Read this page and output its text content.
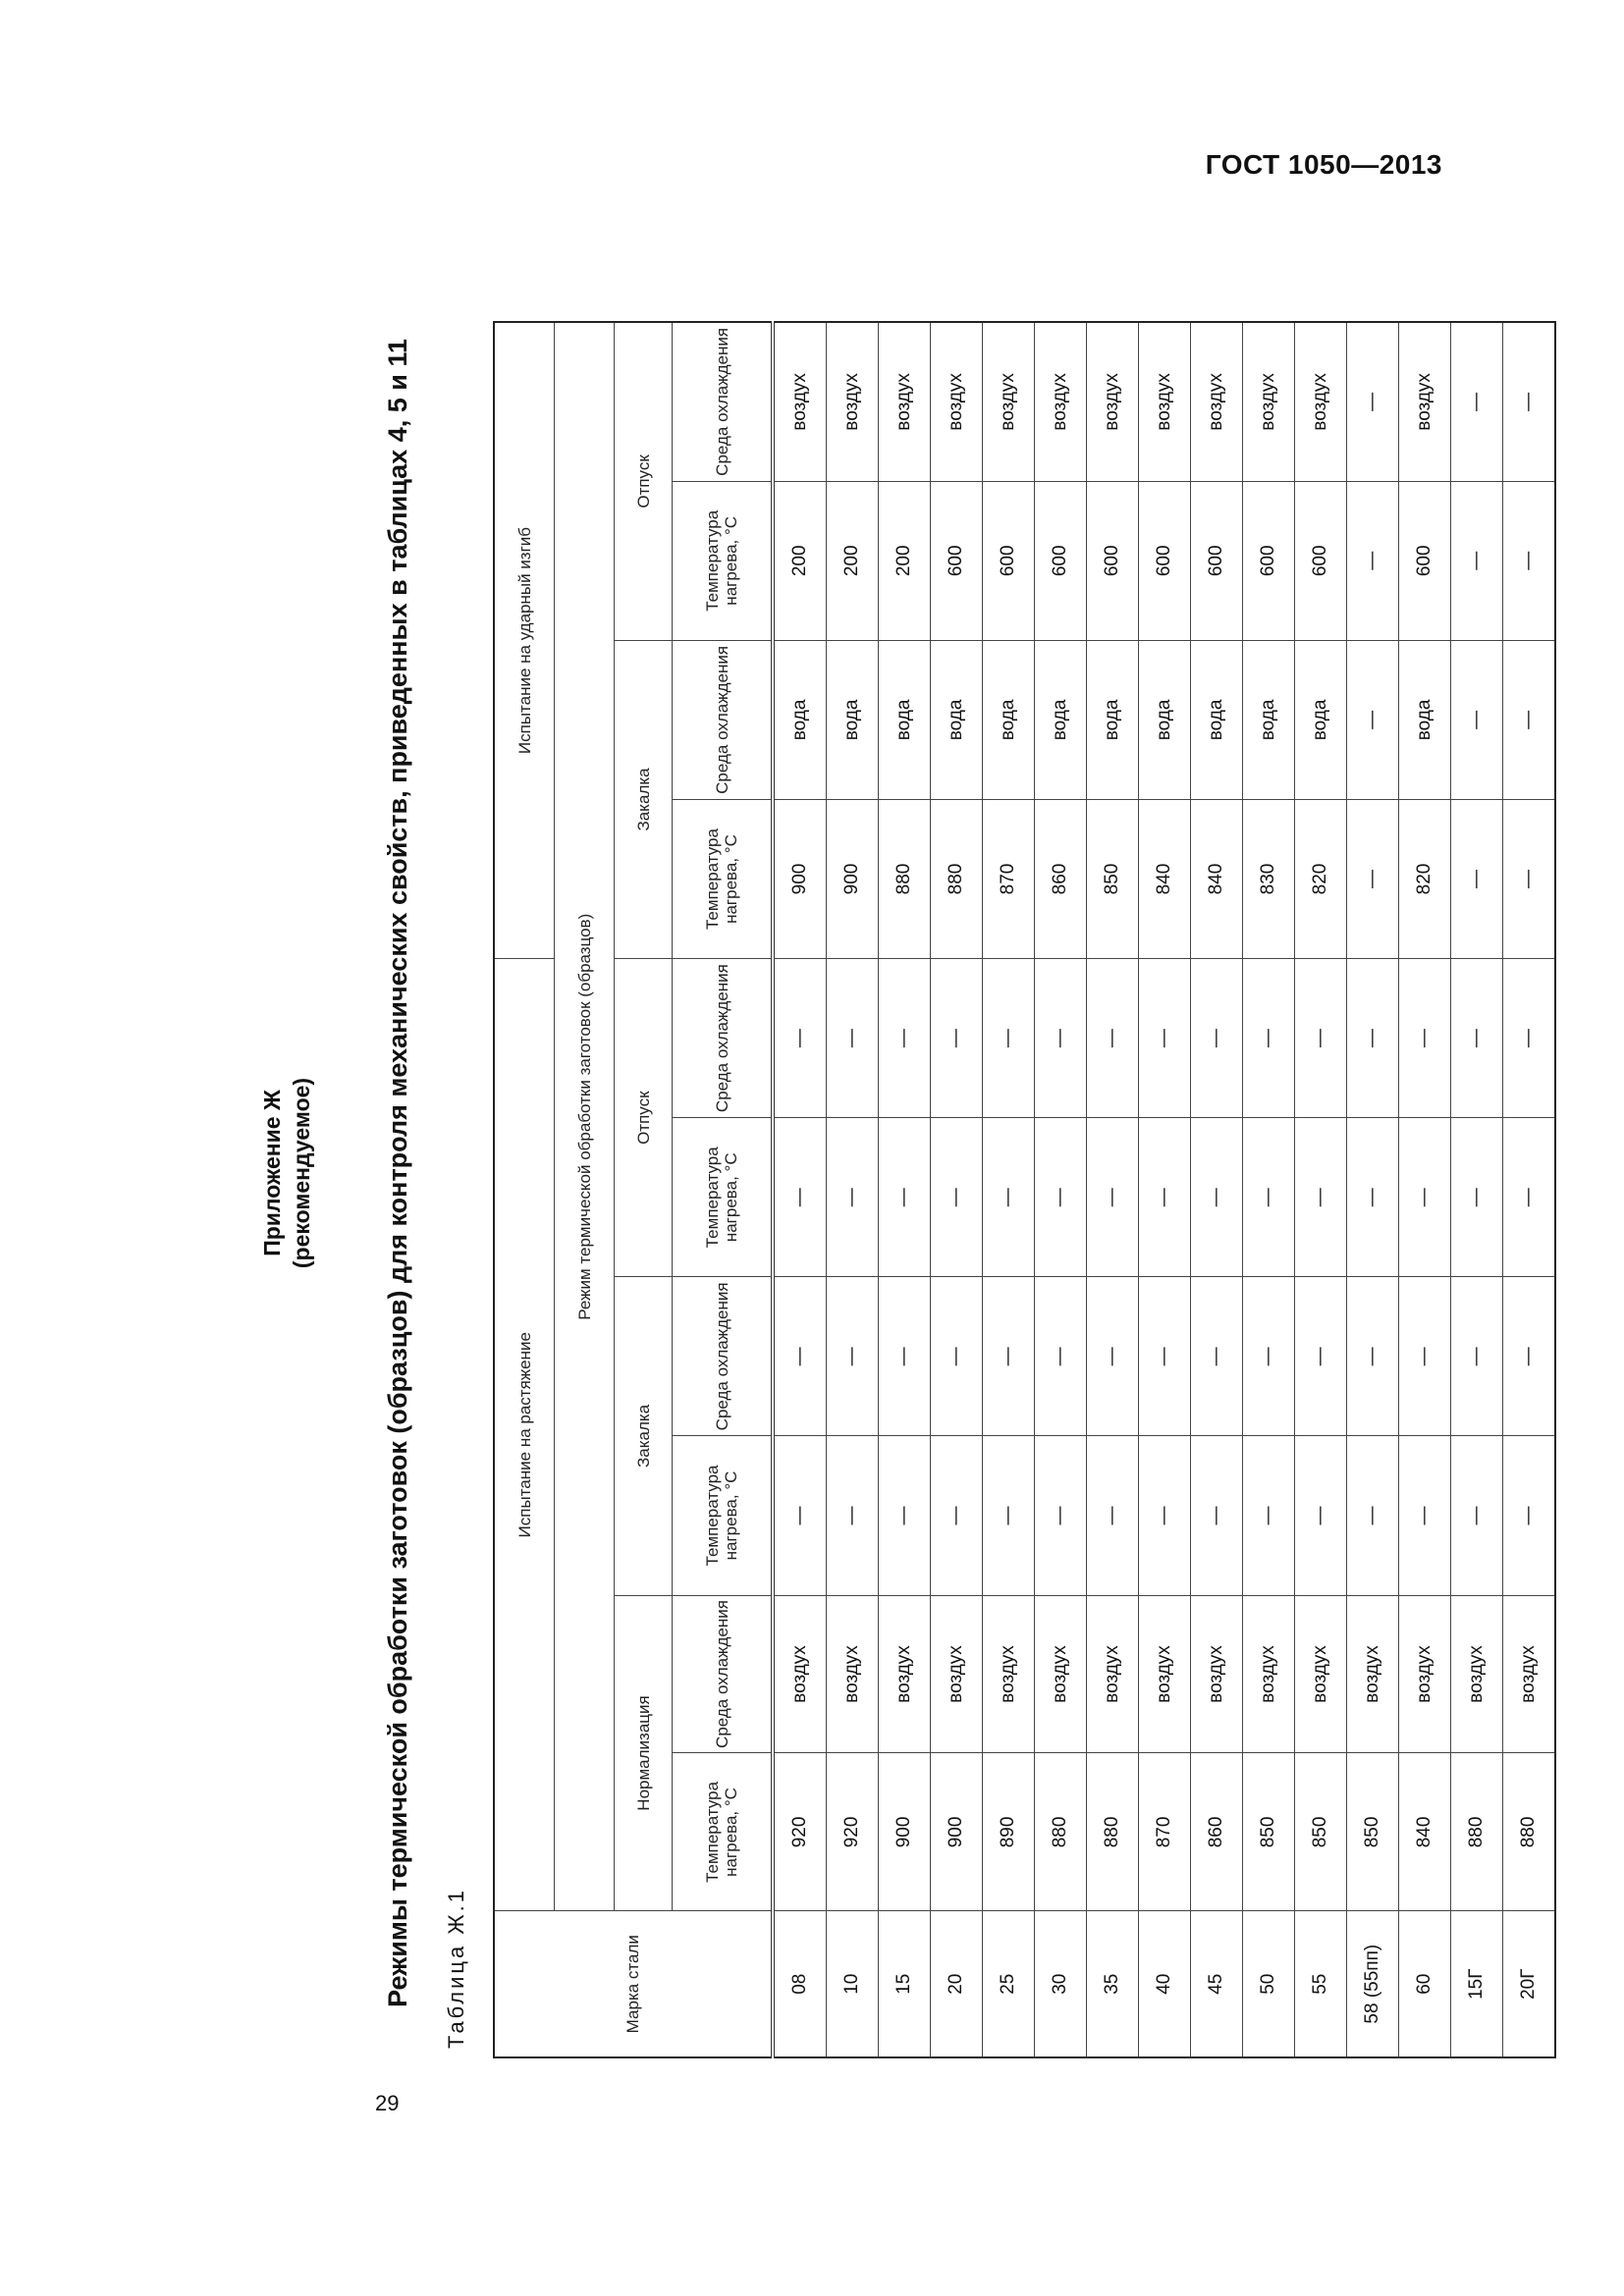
ГОСТ 1050—2013
29
Приложение Ж (рекомендуемое)	Режимы термической обработки заготовок (образцов) для контроля механических свойств, приведенных в таблицах 4, 5 и 11 Таблица Ж.1	Марка стали	Испытание на растяжение						Испытание на ударный изгиб			
	Режим термической обработки заготовок (образцов)									
	Нормализация		Закалка		Отпуск		Закалка		Отпуск	
	Температура нагрева, °С	Среда охлаждения	Температура нагрева, °С	Среда охлаждения	Температура нагрева, °С	Среда охлаждения	Температура нагрева, °С	Среда охлаждения	Температура нагрева, °С	Среда охлаждения
08	920	воздух	—	—	—	—	900	вода	200	воздух
10	920	воздух	—	—	—	—	900	вода	200	воздух
15	900	воздух	—	—	—	—	880	вода	200	воздух
20	900	воздух	—	—	—	—	880	вода	600	воздух
25	890	воздух	—	—	—	—	870	вода	600	воздух
30	880	воздух	—	—	—	—	860	вода	600	воздух
35	880	воздух	—	—	—	—	850	вода	600	воздух
40	870	воздух	—	—	—	—	840	вода	600	воздух
45	860	воздух	—	—	—	—	840	вода	600	воздух
50	850	воздух	—	—	—	—	830	вода	600	воздух
55	850	воздух	—	—	—	—	820	вода	600	воздух
58 (55пп)	850	воздух	—	—	—	—	—	—	—	—
60	840	воздух	—	—	—	—	820	вода	600	воздух
15Г	880	воздух	—	—	—	—	—	—	—	—
20Г	880	воздух	—	—	—	—	—	—	—	—
